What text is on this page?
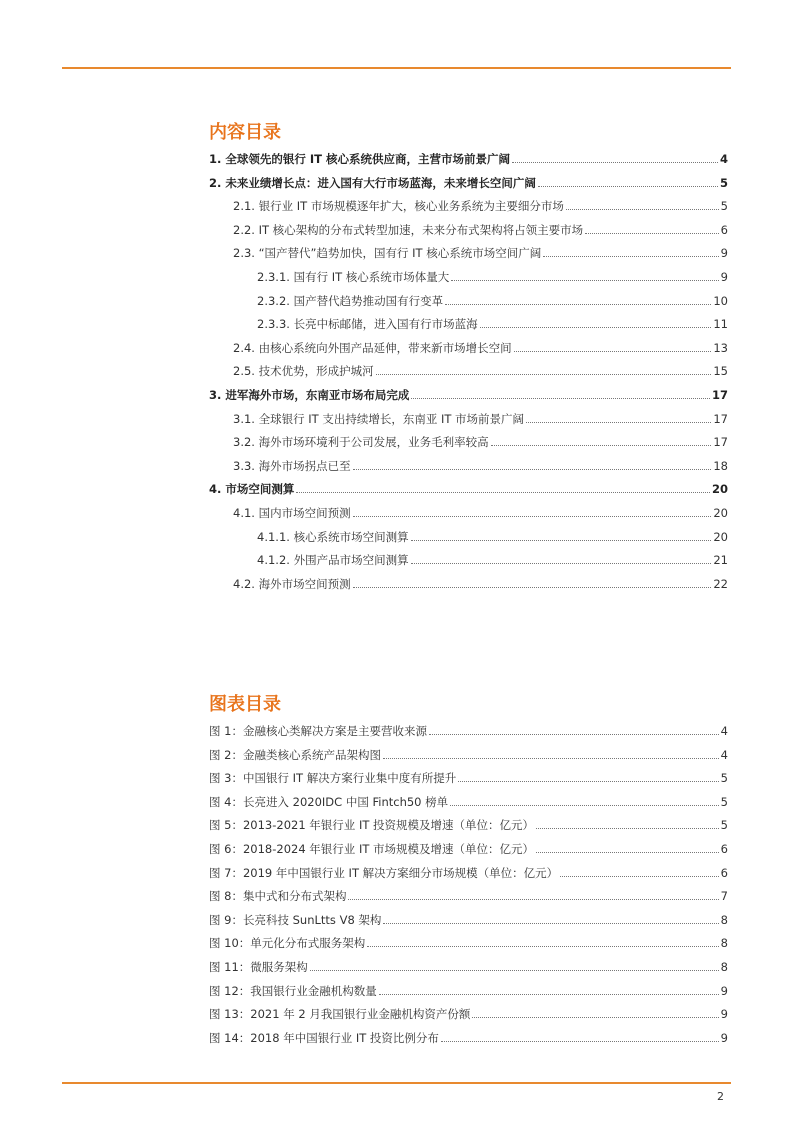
内容目录
1. 全球领先的银行 IT 核心系统供应商，主营市场前景广阔	4
2. 未来业绩增长点：进入国有大行市场蓝海，未来增长空间广阔	5
2.1. 银行业 IT 市场规模逐年扩大，核心业务系统为主要细分市场	5
2.2. IT 核心架构的分布式转型加速，未来分布式架构将占领主要市场	6
2.3. “国产替代”趋势加快，国有行 IT 核心系统市场空间广阔	9
2.3.1. 国有行 IT 核心系统市场体量大	9
2.3.2. 国产替代趋势推动国有行变革	10
2.3.3. 长亮中标邮储，进入国有行市场蓝海	11
2.4. 由核心系统向外围产品延伸，带来新市场增长空间	13
2.5. 技术优势，形成护城河	15
3. 进军海外市场，东南亚市场布局完成	17
3.1. 全球银行 IT 支出持续增长，东南亚 IT 市场前景广阔	17
3.2. 海外市场环境利于公司发展，业务毛利率较高	17
3.3. 海外市场拐点已至	18
4. 市场空间测算	20
4.1. 国内市场空间预测	20
4.1.1. 核心系统市场空间测算	20
4.1.2. 外围产品市场空间测算	21
4.2. 海外市场空间预测	22
图表目录
图 1：金融核心类解决方案是主要营收来源	4
图 2：金融类核心系统产品架构图	4
图 3：中国银行 IT 解决方案行业集中度有所提升	5
图 4：长亮进入 2020IDC 中国 Fintch50 榜单	5
图 5：2013-2021 年银行业 IT 投资规模及增速（单位：亿元）	5
图 6：2018-2024 年银行业 IT 市场规模及增速（单位：亿元）	6
图 7：2019 年中国银行业 IT 解决方案细分市场规模（单位：亿元）	6
图 8：集中式和分布式架构	7
图 9：长亮科技 SunLtts V8 架构	8
图 10：单元化分布式服务架构	8
图 11：微服务架构	8
图 12：我国银行业金融机构数量	9
图 13：2021 年 2 月我国银行业金融机构资产份额	9
图 14：2018 年中国银行业 IT 投资比例分布	9
2
